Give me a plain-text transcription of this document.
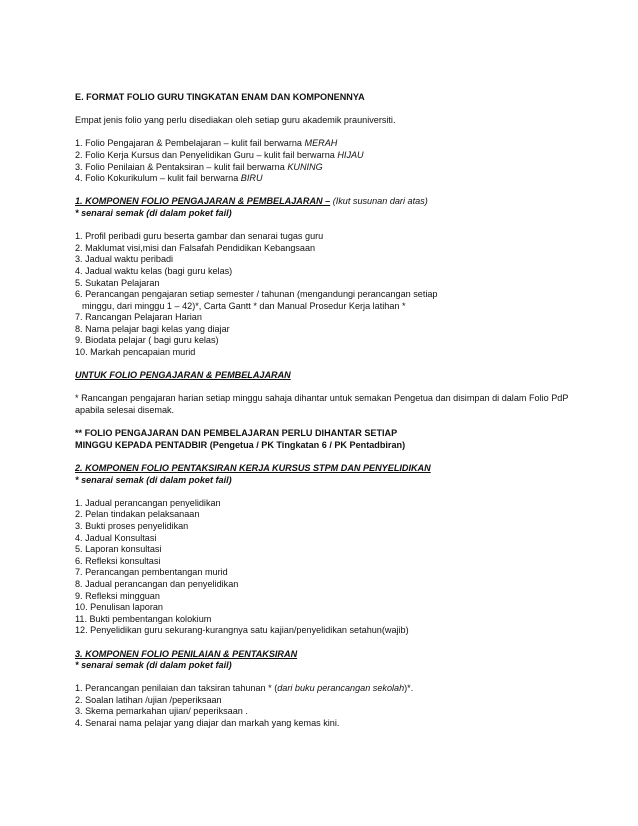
E. FORMAT FOLIO GURU TINGKATAN ENAM DAN KOMPONENNYA
Empat jenis folio yang perlu disediakan oleh setiap guru akademik prauniversiti.
1. Folio Pengajaran & Pembelajaran – kulit fail berwarna MERAH
2. Folio Kerja Kursus dan Penyelidikan Guru – kulit fail berwarna HIJAU
3. Folio Penilaian & Pentaksiran – kulit fail berwarna KUNING
4. Folio Kokurikulum – kulit fail berwarna BIRU
1. KOMPONEN FOLIO PENGAJARAN & PEMBELAJARAN – (Ikut susunan dari atas)
* senarai semak (di dalam poket fail)
1. Profil peribadi guru beserta gambar dan senarai tugas guru
2. Maklumat visi,misi dan Falsafah Pendidikan Kebangsaan
3. Jadual waktu peribadi
4. Jadual waktu kelas (bagi guru kelas)
5. Sukatan Pelajaran
6. Perancangan pengajaran setiap semester / tahunan (mengandungi perancangan setiap
minggu, dari minggu 1 – 42)*, Carta Gantt * dan Manual Prosedur Kerja latihan *
7. Rancangan Pelajaran Harian
8. Nama pelajar bagi kelas yang diajar
9. Biodata pelajar ( bagi guru kelas)
10. Markah pencapaian murid
UNTUK FOLIO PENGAJARAN & PEMBELAJARAN
* Rancangan pengajaran harian setiap minggu sahaja dihantar untuk semakan Pengetua dan disimpan di dalam Folio PdP
apabila selesai disemak.
** FOLIO PENGAJARAN DAN PEMBELAJARAN PERLU DIHANTAR SETIAP
MINGGU KEPADA PENTADBIR (Pengetua / PK Tingkatan 6 / PK Pentadbiran)
2. KOMPONEN FOLIO PENTAKSIRAN KERJA KURSUS STPM DAN PENYELIDIKAN
* senarai semak (di dalam poket fail)
1. Jadual perancangan penyelidikan
2. Pelan tindakan pelaksanaan
3. Bukti proses penyelidikan
4. Jadual Konsultasi
5. Laporan konsultasi
6. Refleksi konsultasi
7. Perancangan pembentangan murid
8. Jadual perancangan dan penyelidikan
9. Refleksi mingguan
10. Penulisan laporan
11. Bukti pembentangan kolokium
12. Penyelidikan guru sekurang-kurangnya satu kajian/penyelidikan setahun(wajib)
3. KOMPONEN FOLIO PENILAIAN & PENTAKSIRAN
* senarai semak (di dalam poket fail)
1. Perancangan penilaian dan taksiran tahunan * (dari buku perancangan sekolah)*.
2. Soalan latihan /ujian /peperiksaan
3. Skema pemarkahan ujian/ peperiksaan .
4. Senarai nama pelajar yang diajar dan markah yang kemas kini.
